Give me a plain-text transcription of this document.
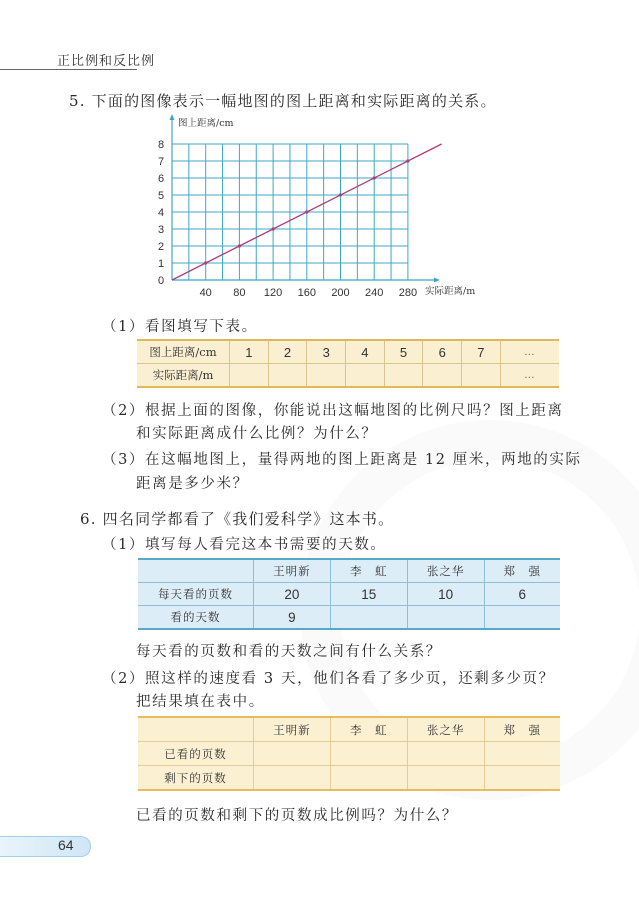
正比例和反比例
5. 下面的图像表示一幅地图的图上距离和实际距离的关系。
0
1
2
3
4
5
6
7
8
40 80 120 160 200 240 280
图上距离/cm
实际距离/m
（1）看图填写下表。
图上距离/cm	1	2	3	4	5	6	7	…
实际距离/m								…
（2）根据上面的图像，你能说出这幅地图的比例尺吗？图上距离
和实际距离成什么比例？为什么？
（3）在这幅地图上，量得两地的图上距离是 12 厘米，两地的实际
距离是多少米？
6. 四名同学都看了《我们爱科学》这本书。
（1）填写每人看完这本书需要的天数。
	王明新	李　虹	张之华	郑　强
每天看的页数	20	15	10	6
看的天数	9			
每天看的页数和看的天数之间有什么关系？
（2）照这样的速度看 3 天，他们各看了多少页，还剩多少页？
把结果填在表中。
	王明新	李　虹	张之华	郑　强
已看的页数				
剩下的页数				
已看的页数和剩下的页数成比例吗？为什么？
64
